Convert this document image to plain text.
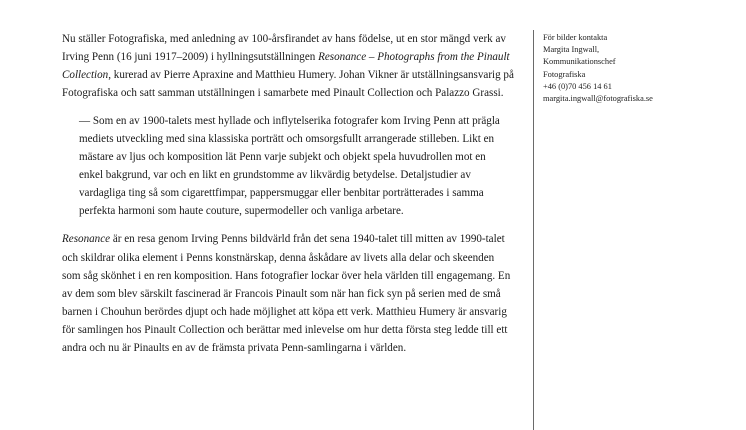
Nu ställer Fotografiska, med anledning av 100-årsfirandet av hans födelse, ut en stor mängd verk av Irving Penn (16 juni 1917–2009) i hyllningsutställningen Resonance – Photographs from the Pinault Collection, kurerad av Pierre Apraxine and Matthieu Humery. Johan Vikner är utställningsansvarig på Fotografiska och satt samman utställningen i samarbete med Pinault Collection och Palazzo Grassi.

— Som en av 1900-talets mest hyllade och inflytelserika fotografer kom Irving Penn att prägla mediets utveckling med sina klassiska porträtt och omsorgsfullt arrangerade stilleben. Likt en mästare av ljus och komposition lät Penn varje subjekt och objekt spela huvudrollen mot en enkel bakgrund, var och en likt en grundstomme av likvärdig betydelse. Detaljstudier av vardagliga ting så som cigarettfimpar, pappersmuggar eller benbitar porträtterades i samma perfekta harmoni som haute couture, supermodeller och vanliga arbetare.

Resonance är en resa genom Irving Penns bildvärld från det sena 1940-talet till mitten av 1990-talet och skildrar olika element i Penns konstnärskap, denna åskådare av livets alla delar och skeenden som såg skönhet i en ren komposition. Hans fotografier lockar över hela världen till engagemang. En av dem som blev särskilt fascinerad är Francois Pinault som när han fick syn på serien med de små barnen i Chouhun berördes djupt och hade möjlighet att köpa ett verk. Matthieu Humery är ansvarig för samlingen hos Pinault Collection och berättar med inlevelse om hur detta första steg ledde till ett andra och nu är Pinaults en av de främsta privata Penn-samlingarna i världen.

För bilder kontakta
Margita Ingwall,
Kommunikationschef
Fotografiska
+46 (0)70 456 14 61
margita.ingwall@fotografiska.se
